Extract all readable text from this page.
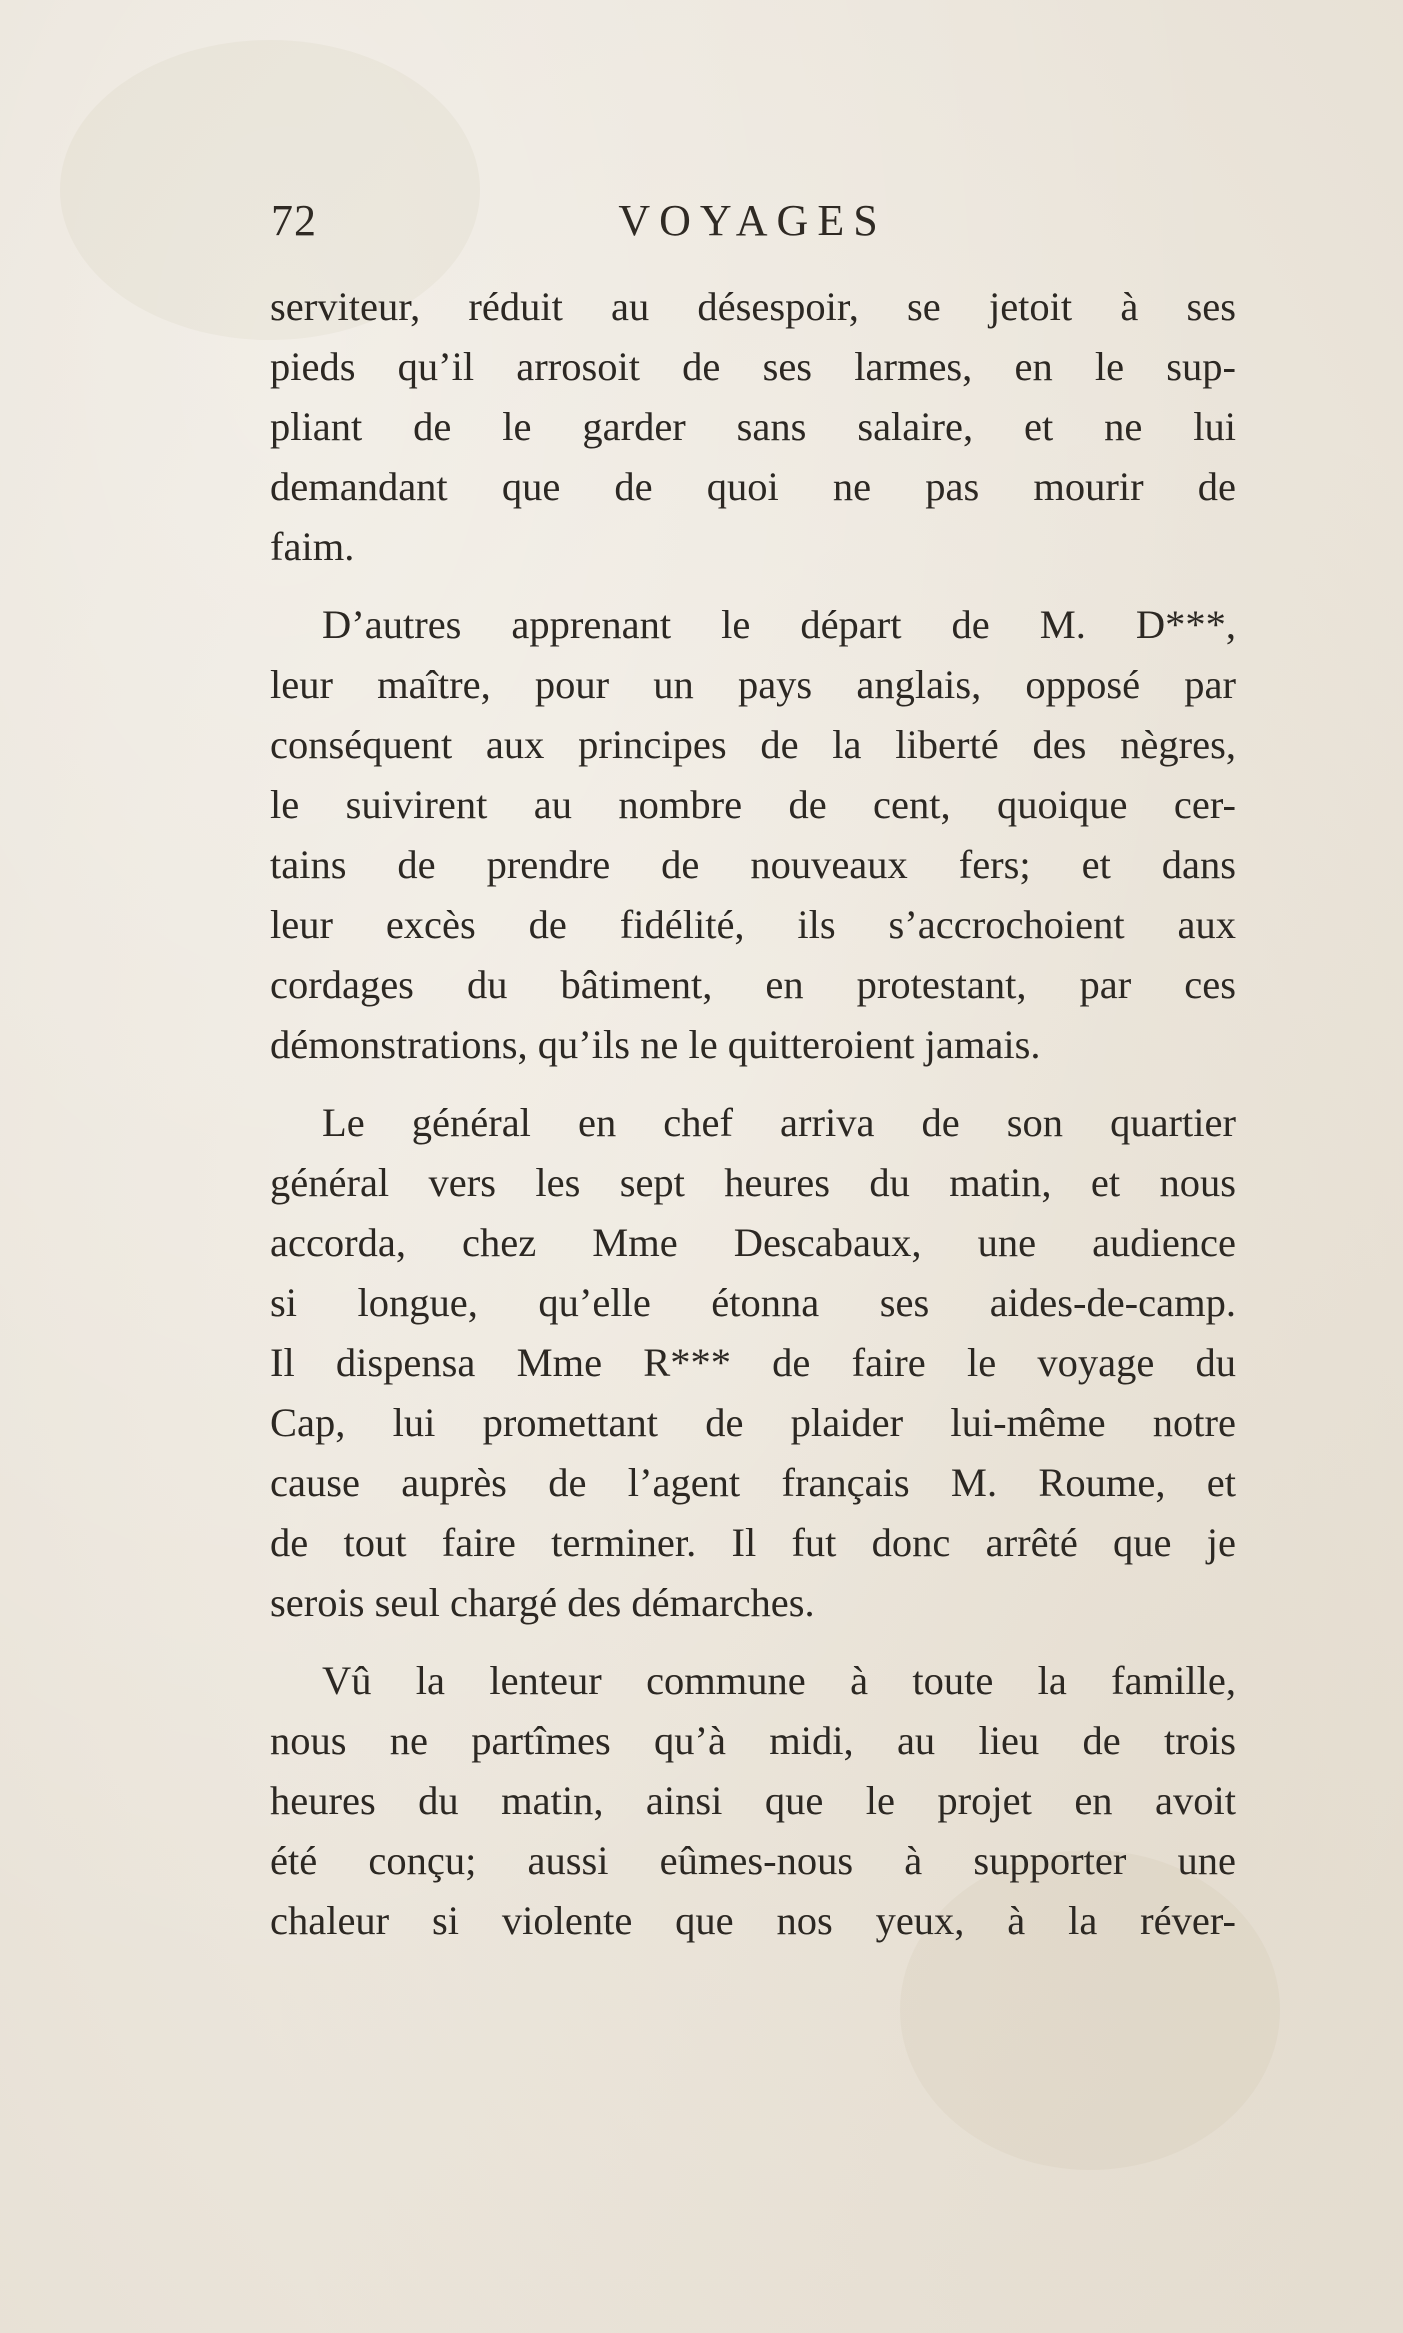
72	VOYAGES

serviteur, réduit au désespoir, se jetoit à ses
pieds qu’il arrosoit de ses larmes, en le sup-
pliant de le garder sans salaire, et ne lui
demandant que de quoi ne pas mourir de
faim.

D’autres apprenant le départ de M. D***,
leur maître, pour un pays anglais, opposé par
conséquent aux principes de la liberté des nègres,
le suivirent au nombre de cent, quoique cer-
tains de prendre de nouveaux fers; et dans
leur excès de fidélité, ils s’accrochoient aux
cordages du bâtiment, en protestant, par ces
démonstrations, qu’ils ne le quitteroient jamais.

Le général en chef arriva de son quartier
général vers les sept heures du matin, et nous
accorda, chez Mme Descabaux, une audience
si longue, qu’elle étonna ses aides-de-camp.
Il dispensa Mme R*** de faire le voyage du
Cap, lui promettant de plaider lui-même notre
cause auprès de l’agent français M. Roume, et
de tout faire terminer. Il fut donc arrêté que je
serois seul chargé des démarches.

Vû la lenteur commune à toute la famille,
nous ne partîmes qu’à midi, au lieu de trois
heures du matin, ainsi que le projet en avoit
été conçu; aussi eûmes-nous à supporter une
chaleur si violente que nos yeux, à la réver-
